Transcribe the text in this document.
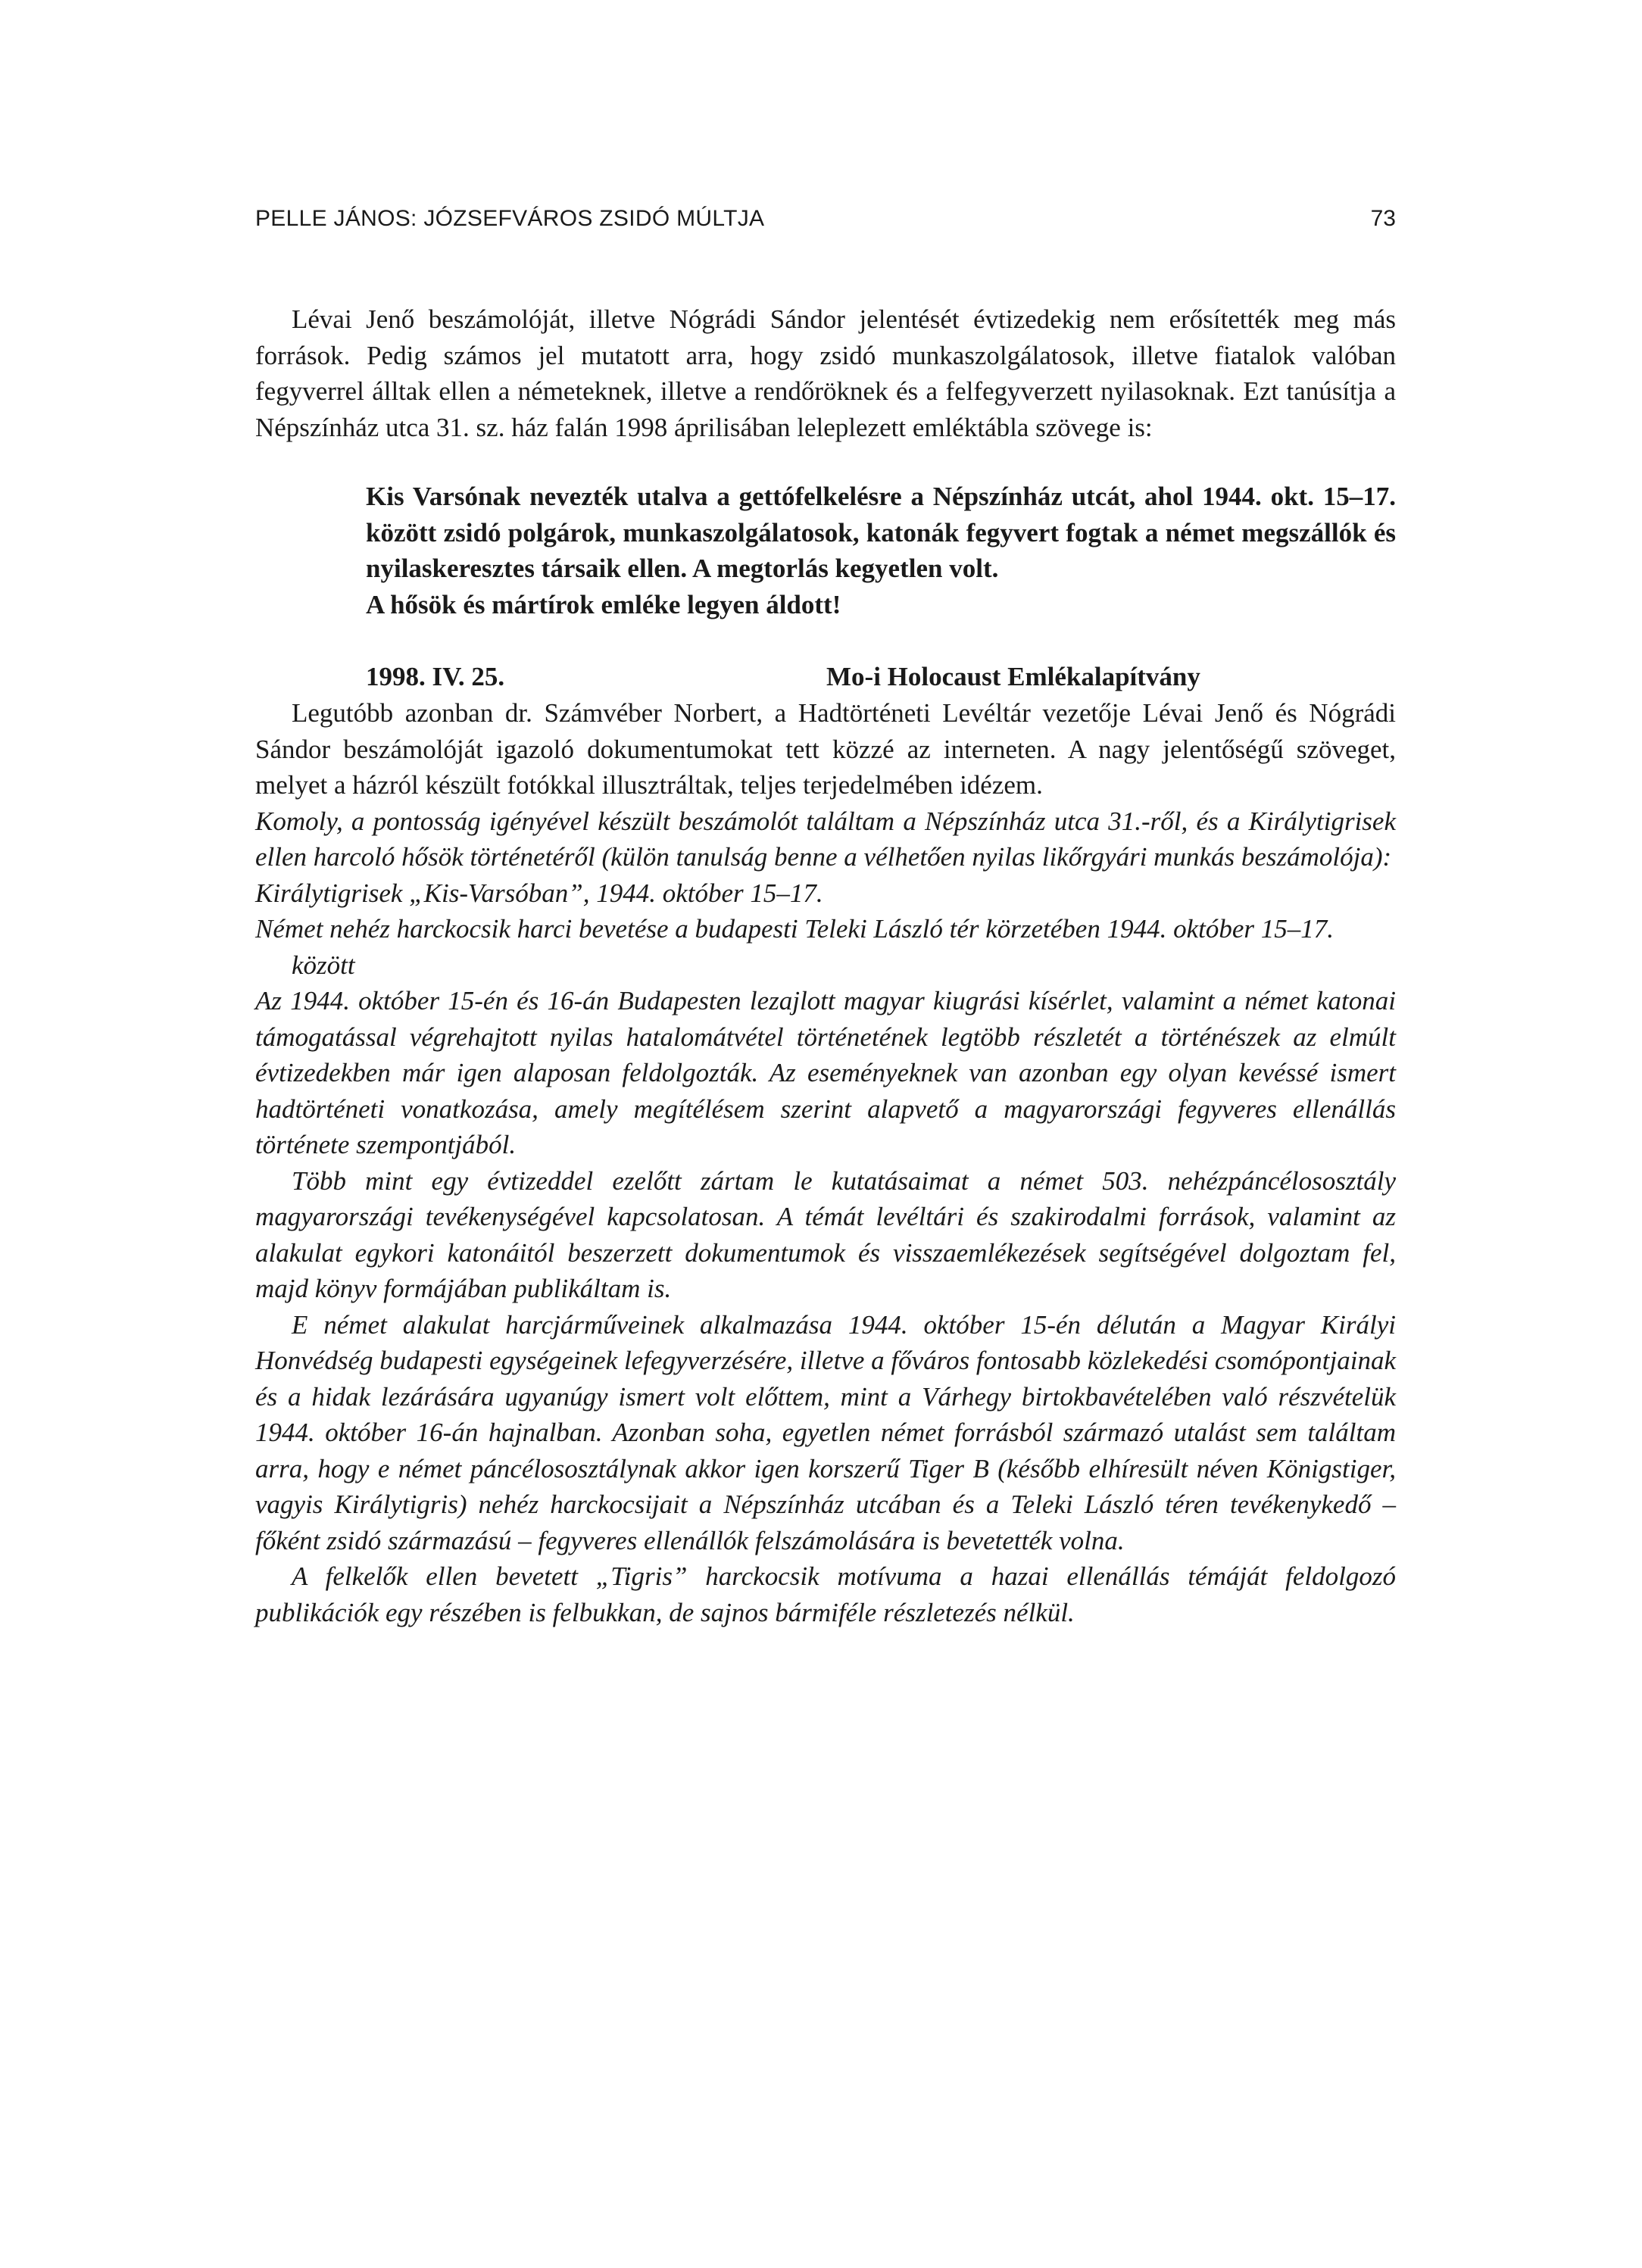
PELLE JÁNOS: JÓZSEFVÁROS ZSIDÓ MÚLTJA	73

Lévai Jenő beszámolóját, illetve Nógrádi Sándor jelentését évtizedekig nem erősítették meg más források. Pedig számos jel mutatott arra, hogy zsidó munkaszolgálatosok, illetve fiatalok valóban fegyverrel álltak ellen a németeknek, illetve a rendőröknek és a felfegyverzett nyilasoknak. Ezt tanúsítja a Népszínház utca 31. sz. ház falán 1998 áprilisában leleplezett emléktábla szövege is:

Kis Varsónak nevezték utalva a gettófelkelésre a Népszínház utcát, ahol 1944. okt. 15–17. között zsidó polgárok, munkaszolgálatosok, katonák fegyvert fogtak a német megszállók és nyilaskeresztes társaik ellen. A megtorlás kegyetlen volt.
A hősök és mártírok emléke legyen áldott!
1998. IV. 25.	Mo-i Holocaust Emlékalapítvány

Legutóbb azonban dr. Számvéber Norbert, a Hadtörténeti Levéltár vezetője Lévai Jenő és Nógrádi Sándor beszámolóját igazoló dokumentumokat tett közzé az interneten. A nagy jelentőségű szöveget, melyet a házról készült fotókkal illusztráltak, teljes terjedelmében idézem.

Komoly, a pontosság igényével készült beszámolót találtam a Népszínház utca 31.-ről, és a Királytigrisek ellen harcoló hősök történetéről (külön tanulság benne a vélhetően nyilas likőrgyári munkás beszámolója):

Királytigrisek „Kis-Varsóban”, 1944. október 15–17.

Német nehéz harckocsik harci bevetése a budapesti Teleki László tér körzetében 1944. október 15–17. között

Az 1944. október 15-én és 16-án Budapesten lezajlott magyar kiugrási kísérlet, valamint a német katonai támogatással végrehajtott nyilas hatalomátvétel történetének legtöbb részletét a történészek az elmúlt évtizedekben már igen alaposan feldolgozták. Az eseményeknek van azonban egy olyan kevéssé ismert hadtörténeti vonatkozása, amely megítélésem szerint alapvető a magyarországi fegyveres ellenállás története szempontjából.

Több mint egy évtizeddel ezelőtt zártam le kutatásaimat a német 503. nehézpáncélososztály magyarországi tevékenységével kapcsolatosan. A témát levéltári és szakirodalmi források, valamint az alakulat egykori katonáitól beszerzett dokumentumok és visszaemlékezések segítségével dolgoztam fel, majd könyv formájában publikáltam is.

E német alakulat harcjárműveinek alkalmazása 1944. október 15-én délután a Magyar Királyi Honvédség budapesti egységeinek lefegyverzésére, illetve a főváros fontosabb közlekedési csomópontjainak és a hidak lezárására ugyanúgy ismert volt előttem, mint a Várhegy birtokbavételében való részvételük 1944. október 16-án hajnalban. Azonban soha, egyetlen német forrásból származó utalást sem találtam arra, hogy e német páncélososztálynak akkor igen korszerű Tiger B (később elhíresült néven Königstiger, vagyis Királytigris) nehéz harckocsijait a Népszínház utcában és a Teleki László téren tevékenykedő – főként zsidó származású – fegyveres ellenállók felszámolására is bevetették volna.

A felkelők ellen bevetett „Tigris” harckocsik motívuma a hazai ellenállás témáját feldolgozó publikációk egy részében is felbukkan, de sajnos bármiféle részletezés nélkül.
